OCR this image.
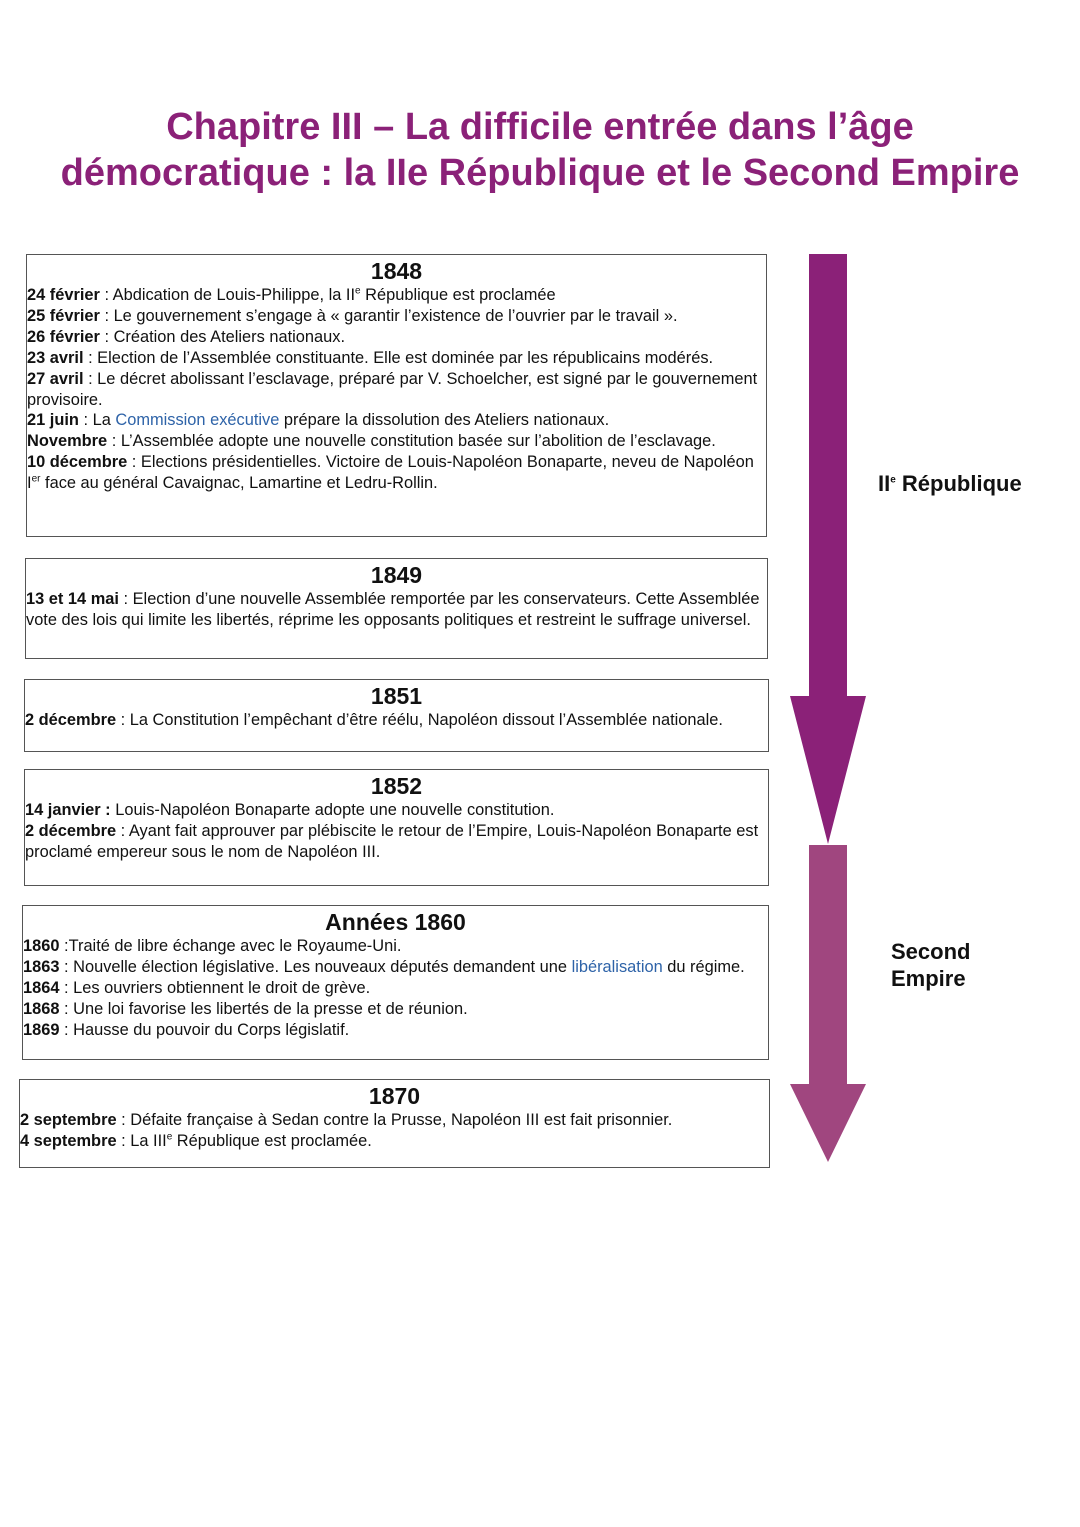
Chapitre III – La difficile entrée dans l’âge démocratique : la IIe République et le Second Empire
1848
24 février : Abdication de Louis-Philippe, la IIe République est proclamée
25 février : Le gouvernement s’engage à « garantir l’existence de l’ouvrier par le travail ».
26 février : Création des Ateliers nationaux.
23 avril : Election de l’Assemblée constituante. Elle est dominée par les républicains modérés.
27 avril : Le décret abolissant l’esclavage, préparé par V. Schoelcher, est signé par le gouvernement provisoire.
21 juin : La Commission exécutive prépare la dissolution des Ateliers nationaux.
Novembre : L’Assemblée adopte une nouvelle constitution basée sur l’abolition de l’esclavage.
10 décembre : Elections présidentielles. Victoire de Louis-Napoléon Bonaparte, neveu de Napoléon Ier face au général Cavaignac, Lamartine et Ledru-Rollin.
1849
13 et 14 mai : Election d’une nouvelle Assemblée remportée par les conservateurs. Cette Assemblée vote des lois qui limite les libertés, réprime les opposants politiques et restreint le suffrage universel.
1851
2 décembre : La Constitution l’empêchant d’être réélu, Napoléon dissout l’Assemblée nationale.
1852
14 janvier : Louis-Napoléon Bonaparte adopte une nouvelle constitution.
2 décembre : Ayant fait approuver par plébiscite le retour de l’Empire, Louis-Napoléon Bonaparte est proclamé empereur sous le nom de Napoléon III.
Années 1860
1860 :Traité de libre échange avec le Royaume-Uni.
1863 : Nouvelle élection législative. Les nouveaux députés demandent une libéralisation du régime.
1864 : Les ouvriers obtiennent le droit de grève.
1868 : Une loi favorise les libertés de la presse et de réunion.
1869 : Hausse du pouvoir du Corps législatif.
1870
2 septembre : Défaite française à Sedan contre la Prusse, Napoléon III est fait prisonnier.
4 septembre : La IIIe République est proclamée.
IIe République
Second
Empire
